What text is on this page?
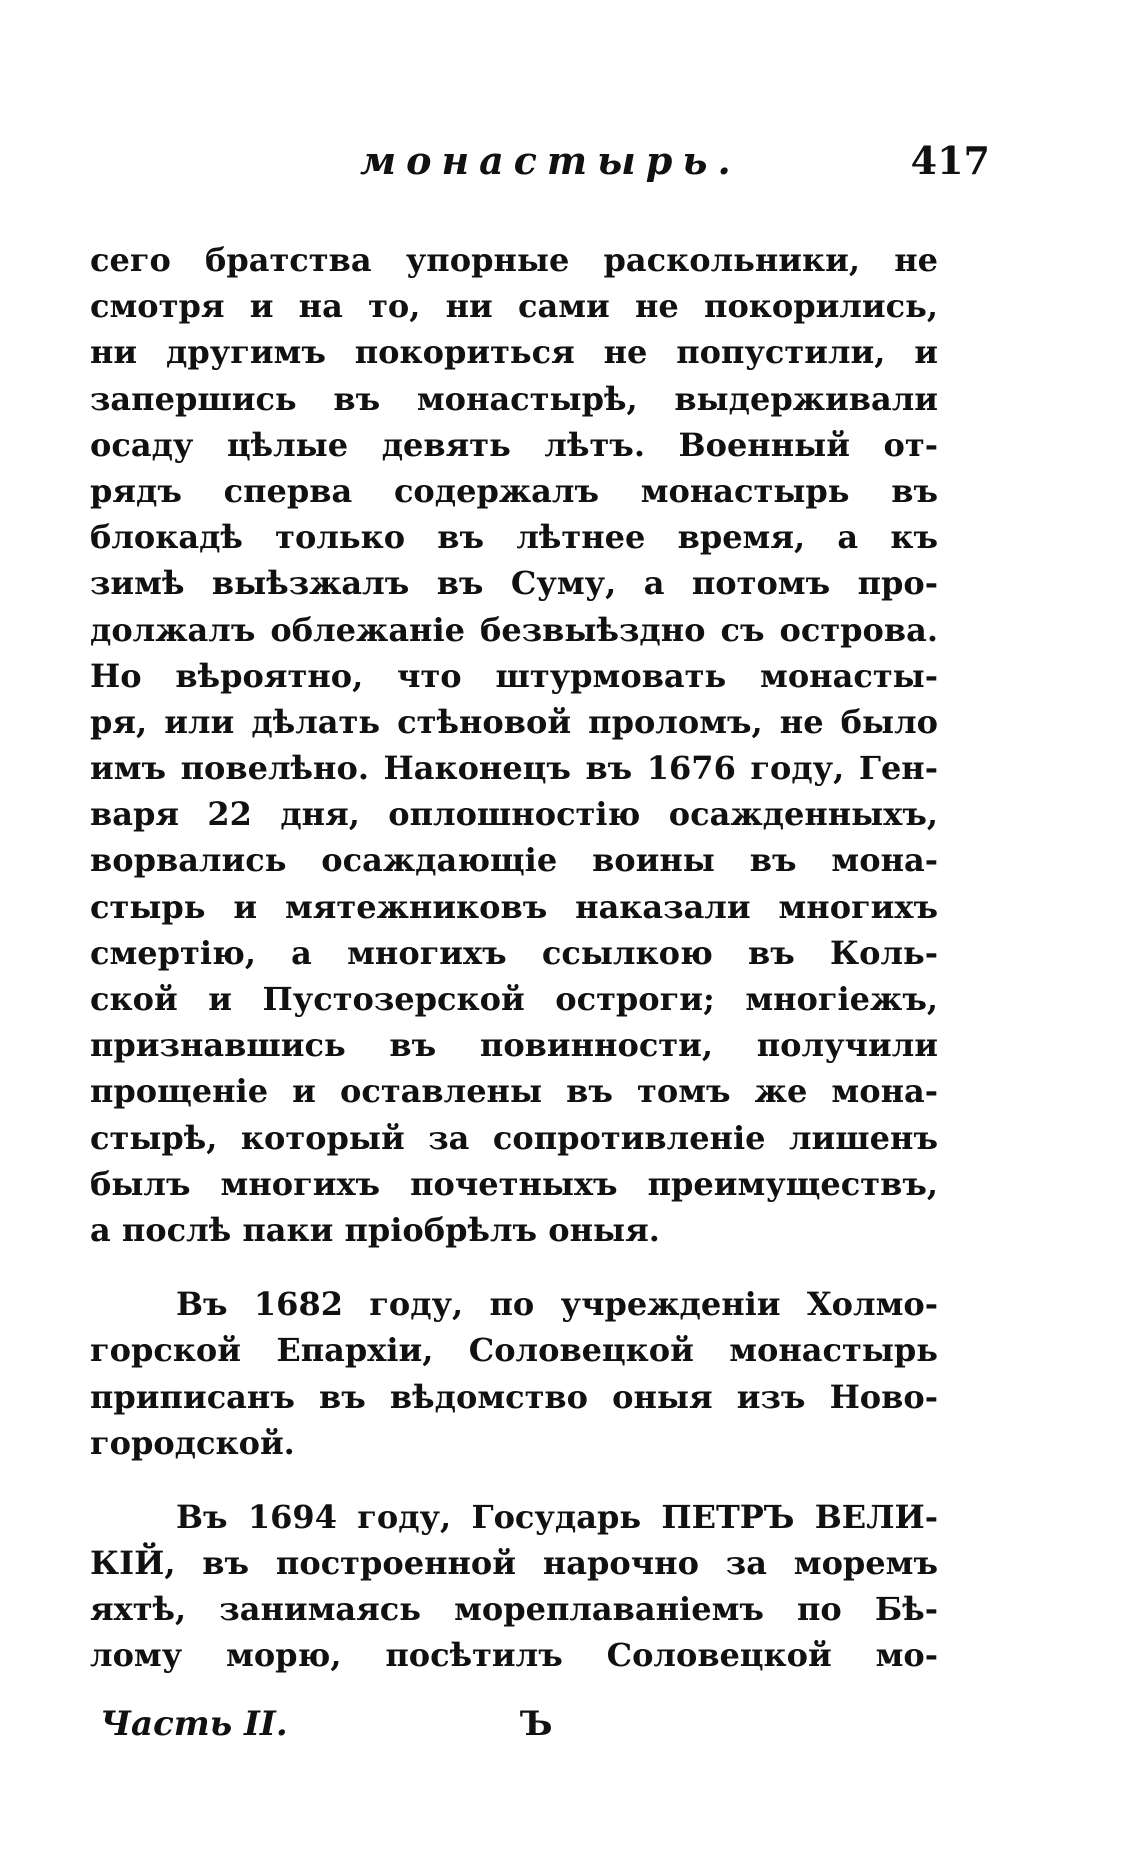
монастырь.	417
сего братства упорные раскольники, не
смотря и на то, ни сами не покорились,
ни другимъ покориться не попустили, и
запершись въ монастырѣ, выдерживали
осаду цѣлые девять лѣтъ. Военный от-
рядъ сперва содержалъ монастырь въ
блокадѣ только въ лѣтнее время, а къ
зимѣ выѣзжалъ въ Суму, а потомъ про-
должалъ облежаніе безвыѣздно съ острова.
Но вѣроятно, что штурмовать монасты-
ря, или дѣлать стѣновой проломъ, не было
имъ повелѣно. Наконецъ въ 1676 году, Ген-
варя 22 дня, оплошностію осажденныхъ,
ворвались осаждающіе воины въ мона-
стырь и мятежниковъ наказали многихъ
смертію, а многихъ ссылкою въ Коль-
ской и Пустозерской остроги; многіежъ,
признавшись въ повинности, получили
прощеніе и оставлены въ томъ же мона-
стырѣ, который за сопротивленіе лишенъ
былъ многихъ почетныхъ преимуществъ,
а послѣ паки пріобрѣлъ оныя.
Въ 1682 году, по учрежденіи Холмо-
горской Епархіи, Соловецкой монастырь
приписанъ въ вѣдомство оныя изъ Ново-
городской.
Въ 1694 году, Государь ПЕТРЪ ВЕЛИ-
КІЙ, въ построенной нарочно за моремъ
яхтѣ, занимаясь мореплаваніемъ по Бѣ-
лому морю, посѣтилъ Соловецкой мо-
Часть II.	Ъ
